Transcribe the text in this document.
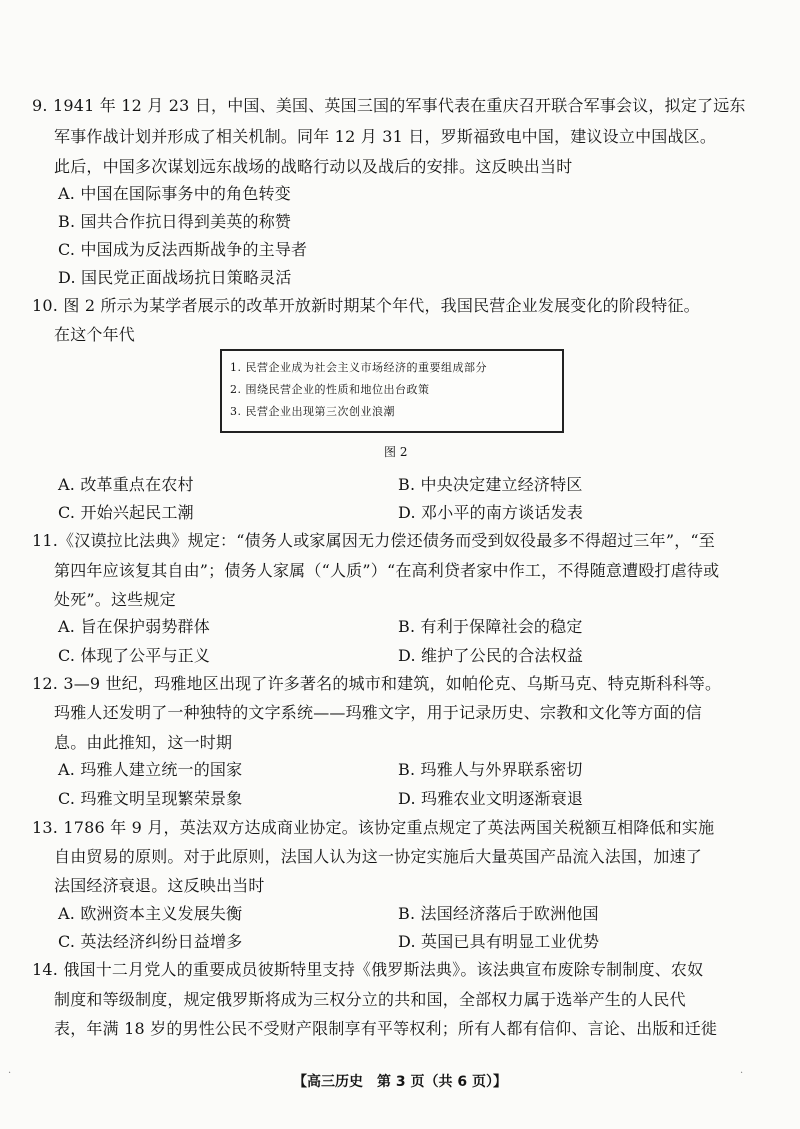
9. 1941 年 12 月 23 日，中国、美国、英国三国的军事代表在重庆召开联合军事会议，拟定了远东
军事作战计划并形成了相关机制。同年 12 月 31 日，罗斯福致电中国，建议设立中国战区。
此后，中国多次谋划远东战场的战略行动以及战后的安排。这反映出当时
A. 中国在国际事务中的角色转变
B. 国共合作抗日得到美英的称赞
C. 中国成为反法西斯战争的主导者
D. 国民党正面战场抗日策略灵活
10. 图 2 所示为某学者展示的改革开放新时期某个年代，我国民营企业发展变化的阶段特征。
在这个年代
1. 民营企业成为社会主义市场经济的重要组成部分
2. 围绕民营企业的性质和地位出台政策
3. 民营企业出现第三次创业浪潮
图 2
A. 改革重点在农村	B. 中央决定建立经济特区
C. 开始兴起民工潮	D. 邓小平的南方谈话发表
11.《汉谟拉比法典》规定：“债务人或家属因无力偿还债务而受到奴役最多不得超过三年”，“至
第四年应该复其自由”；债务人家属（“人质”）“在高利贷者家中作工，不得随意遭殴打虐待或
处死”。这些规定
A. 旨在保护弱势群体	B. 有利于保障社会的稳定
C. 体现了公平与正义	D. 维护了公民的合法权益
12. 3—9 世纪，玛雅地区出现了许多著名的城市和建筑，如帕伦克、乌斯马克、特克斯科科等。
玛雅人还发明了一种独特的文字系统——玛雅文字，用于记录历史、宗教和文化等方面的信
息。由此推知，这一时期
A. 玛雅人建立统一的国家	B. 玛雅人与外界联系密切
C. 玛雅文明呈现繁荣景象	D. 玛雅农业文明逐渐衰退
13. 1786 年 9 月，英法双方达成商业协定。该协定重点规定了英法两国关税额互相降低和实施
自由贸易的原则。对于此原则，法国人认为这一协定实施后大量英国产品流入法国，加速了
法国经济衰退。这反映出当时
A. 欧洲资本主义发展失衡	B. 法国经济落后于欧洲他国
C. 英法经济纠纷日益增多	D. 英国已具有明显工业优势
14. 俄国十二月党人的重要成员彼斯特里支持《俄罗斯法典》。该法典宣布废除专制制度、农奴
制度和等级制度，规定俄罗斯将成为三权分立的共和国，全部权力属于选举产生的人民代
表，年满 18 岁的男性公民不受财产限制享有平等权利；所有人都有信仰、言论、出版和迁徙
【高三历史　第 3 页（共 6 页）】
·	·
